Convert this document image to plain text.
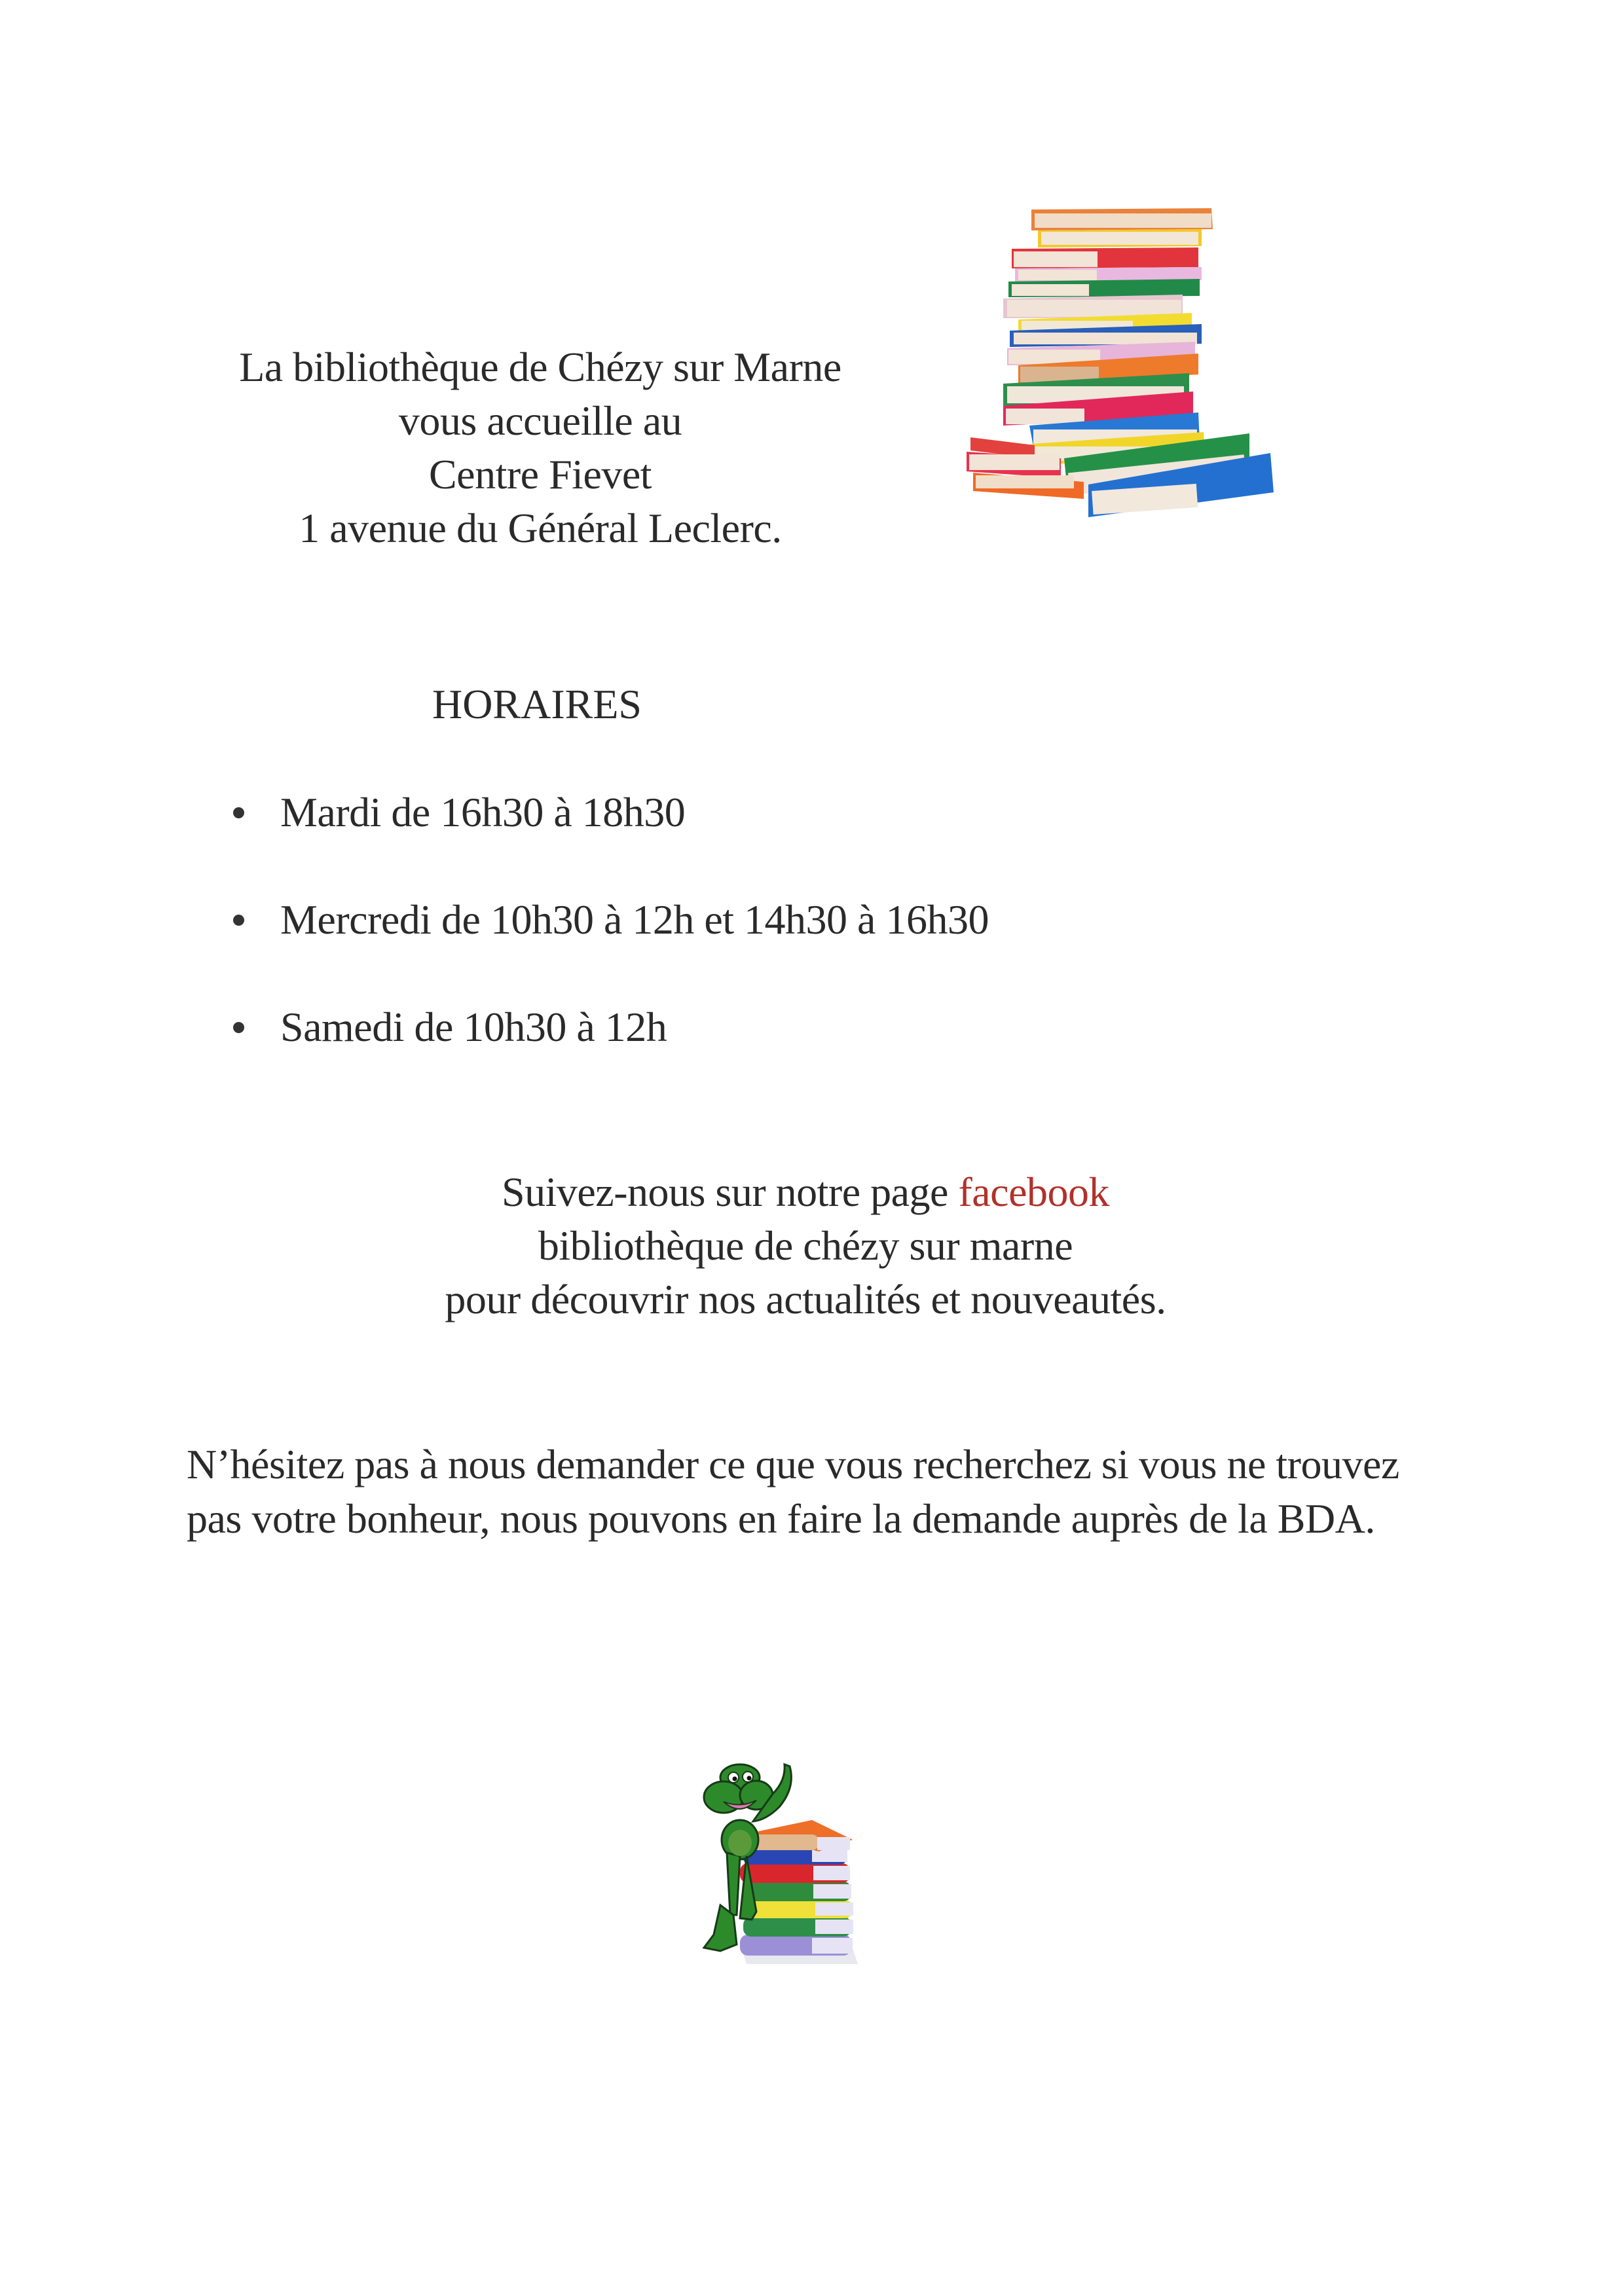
La bibliothèque de Chézy sur Marne
vous accueille au
Centre Fievet
1 avenue du Général Leclerc.
HORAIRES
Mardi de 16h30 à 18h30
Mercredi de 10h30 à 12h et 14h30 à 16h30
Samedi de 10h30 à 12h
Suivez-nous sur notre page facebook
bibliothèque de chézy sur marne
pour découvrir nos actualités et nouveautés.
N’hésitez pas à nous demander ce que vous recherchez si vous ne trouvez pas votre bonheur, nous pouvons en faire la demande auprès de la BDA.
